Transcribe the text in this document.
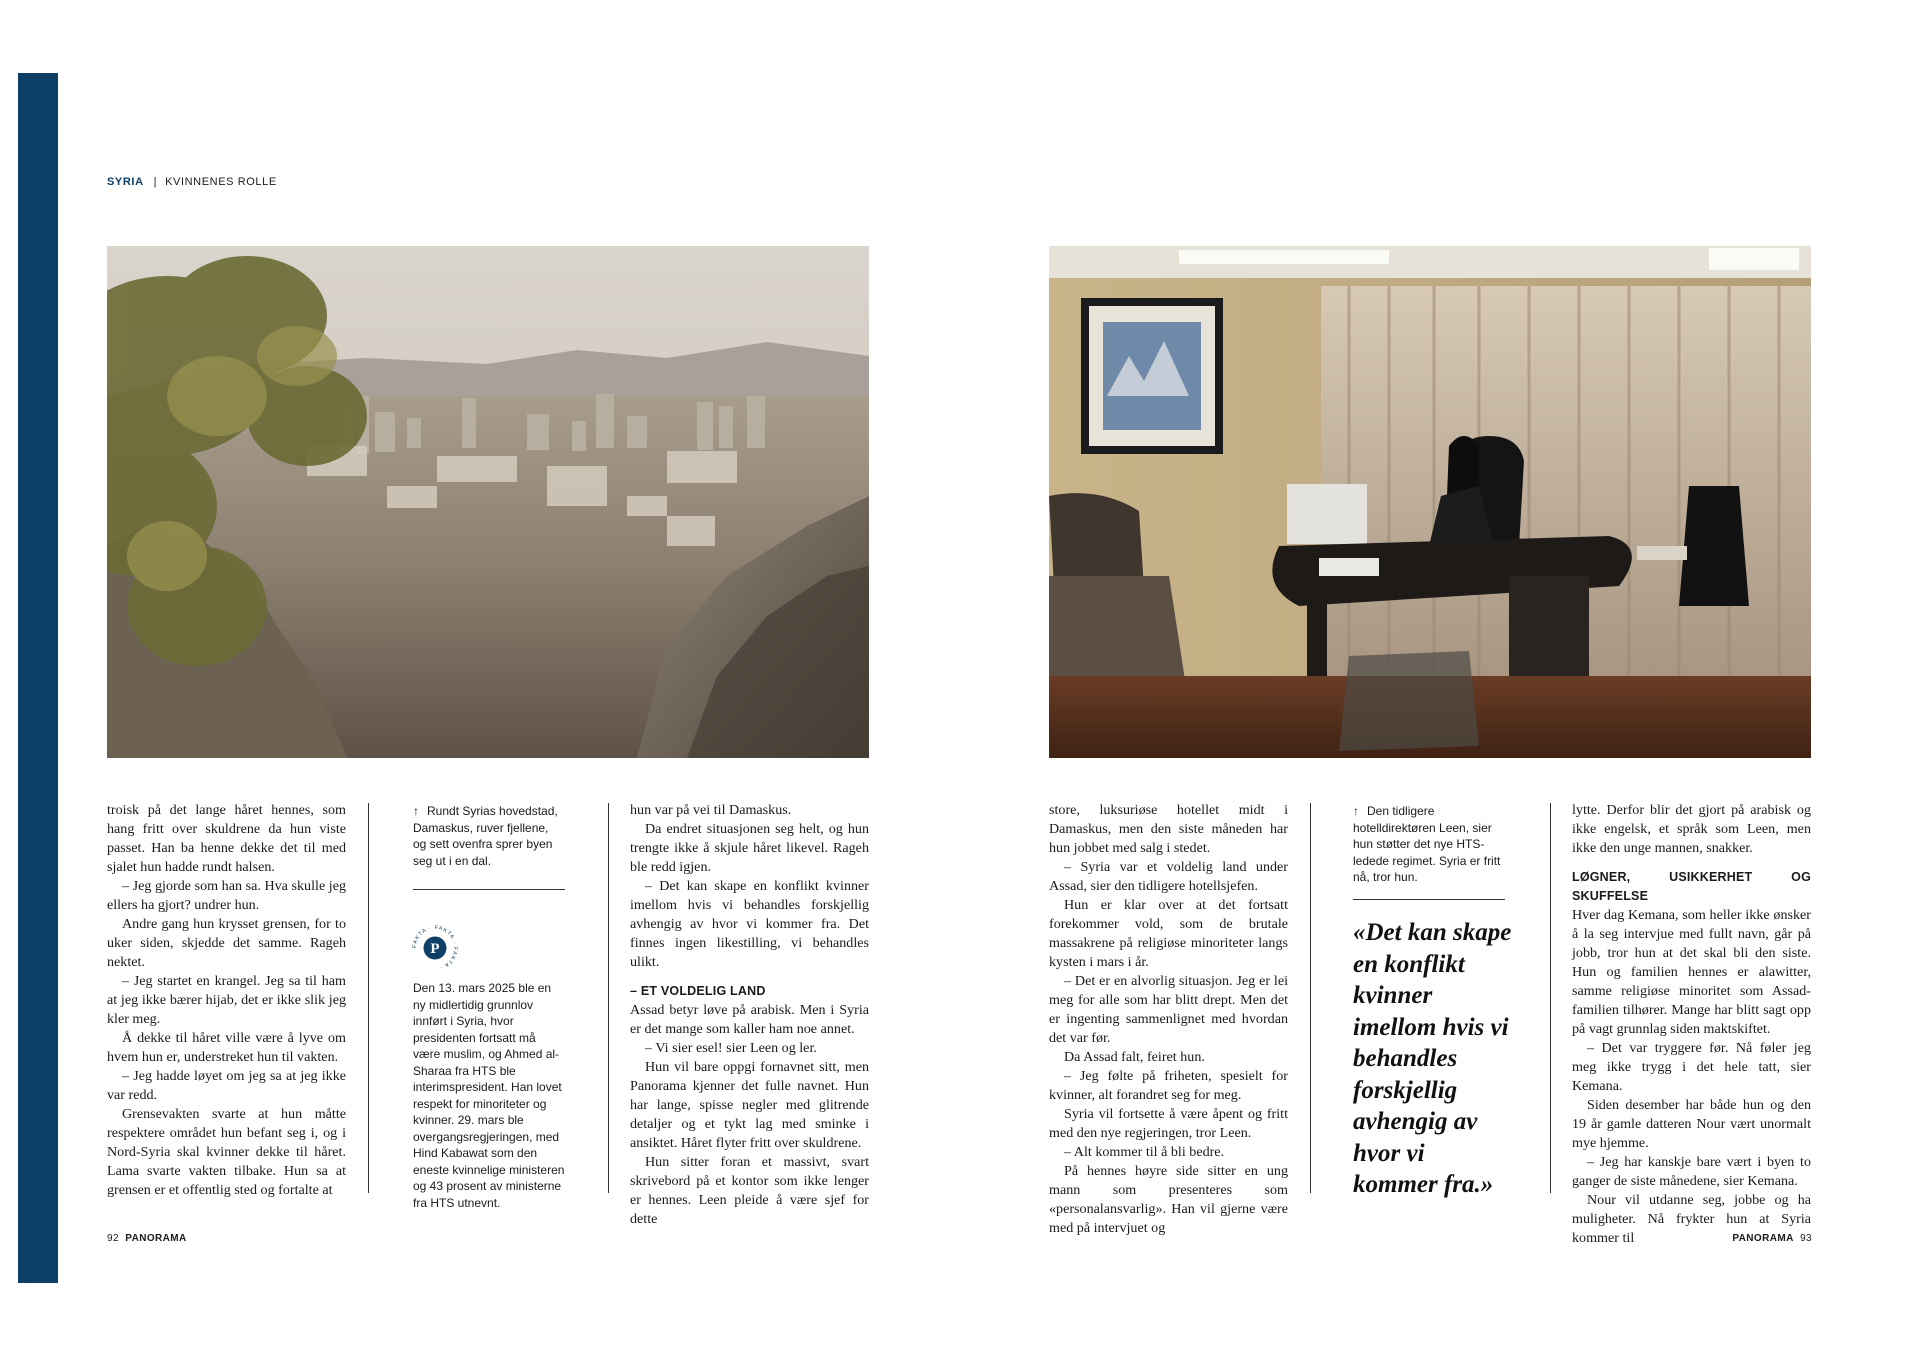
SYRIA | KVINNENES ROLLE

troisk på det lange håret hennes, som hang fritt over skuldrene da hun viste passet. Han ba henne dekke det til med sjalet hun hadde rundt halsen.

– Jeg gjorde som han sa. Hva skulle jeg ellers ha gjort? undrer hun.

Andre gang hun krysset grensen, for to uker siden, skjedde det samme. Rageh nektet.

– Jeg startet en krangel. Jeg sa til ham at jeg ikke bærer hijab, det er ikke slik jeg kler meg.

Å dekke til håret ville være å lyve om hvem hun er, understreket hun til vakten.

– Jeg hadde løyet om jeg sa at jeg ikke var redd.

Grensevakten svarte at hun måtte respektere området hun befant seg i, og i Nord-Syria skal kvinner dekke til håret. Lama svarte vakten tilbake. Hun sa at grensen er et offentlig sted og fortalte at

↑ Rundt Syrias hovedstad, Damaskus, ruver fjellene, og sett ovenfra sprer byen seg ut i en dal.
FAKTA · FAKTA · FAKTA ·
P
Den 13. mars 2025 ble en ny midlertidig grunnlov innført i Syria, hvor presidenten fortsatt må være muslim, og Ahmed al-Sharaa fra HTS ble interimspresident. Han lovet respekt for minoriteter og kvinner. 29. mars ble overgangsregjeringen, med Hind Kabawat som den eneste kvinnelige ministeren og 43 prosent av ministerne fra HTS utnevnt.

hun var på vei til Damaskus.

Da endret situasjonen seg helt, og hun trengte ikke å skjule håret likevel. Rageh ble redd igjen.

– Det kan skape en konflikt kvinner imellom hvis vi behandles forskjellig avhengig av hvor vi kommer fra. Det finnes ingen likestilling, vi behandles ulikt.

– ET VOLDELIG LAND

Assad betyr løve på arabisk. Men i Syria er det mange som kaller ham noe annet.

– Vi sier esel! sier Leen og ler.

Hun vil bare oppgi fornavnet sitt, men Panorama kjenner det fulle navnet. Hun har lange, spisse negler med glitrende detaljer og et tykt lag med sminke i ansiktet. Håret flyter fritt over skuldrene.

Hun sitter foran et massivt, svart skrivebord på et kontor som ikke lenger er hennes. Leen pleide å være sjef for dette

92 PANORAMA

store, luksuriøse hotellet midt i Damaskus, men den siste måneden har hun jobbet med salg i stedet.

– Syria var et voldelig land under Assad, sier den tidligere hotellsjefen.

Hun er klar over at det fortsatt forekommer vold, som de brutale massakrene på religiøse minoriteter langs kysten i mars i år.

– Det er en alvorlig situasjon. Jeg er lei meg for alle som har blitt drept. Men det er ingenting sammenlignet med hvordan det var før.

Da Assad falt, feiret hun.

– Jeg følte på friheten, spesielt for kvinner, alt forandret seg for meg.

Syria vil fortsette å være åpent og fritt med den nye regjeringen, tror Leen.

– Alt kommer til å bli bedre.

På hennes høyre side sitter en ung mann som presenteres som «personalansvarlig». Han vil gjerne være med på intervjuet og

↑ Den tidligere hotelldirektøren Leen, sier hun støtter det nye HTS-ledede regimet. Syria er fritt nå, tror hun.
«Det kan skape en konflikt kvinner imellom hvis vi behandles forskjellig avhengig av hvor vi kommer fra.»

lytte. Derfor blir det gjort på arabisk og ikke engelsk, et språk som Leen, men ikke den unge mannen, snakker.

LØGNER, USIKKERHET OG SKUFFELSE

Hver dag Kemana, som heller ikke ønsker å la seg intervjue med fullt navn, går på jobb, tror hun at det skal bli den siste. Hun og familien hennes er alawitter, samme religiøse minoritet som Assad-familien tilhører. Mange har blitt sagt opp på vagt grunnlag siden maktskiftet.

– Det var tryggere før. Nå føler jeg meg ikke trygg i det hele tatt, sier Kemana.

Siden desember har både hun og den 19 år gamle datteren Nour vært unormalt mye hjemme.

– Jeg har kanskje bare vært i byen to ganger de siste månedene, sier Kemana.

Nour vil utdanne seg, jobbe og ha muligheter. Nå frykter hun at Syria kommer til	PANORAMA 93
